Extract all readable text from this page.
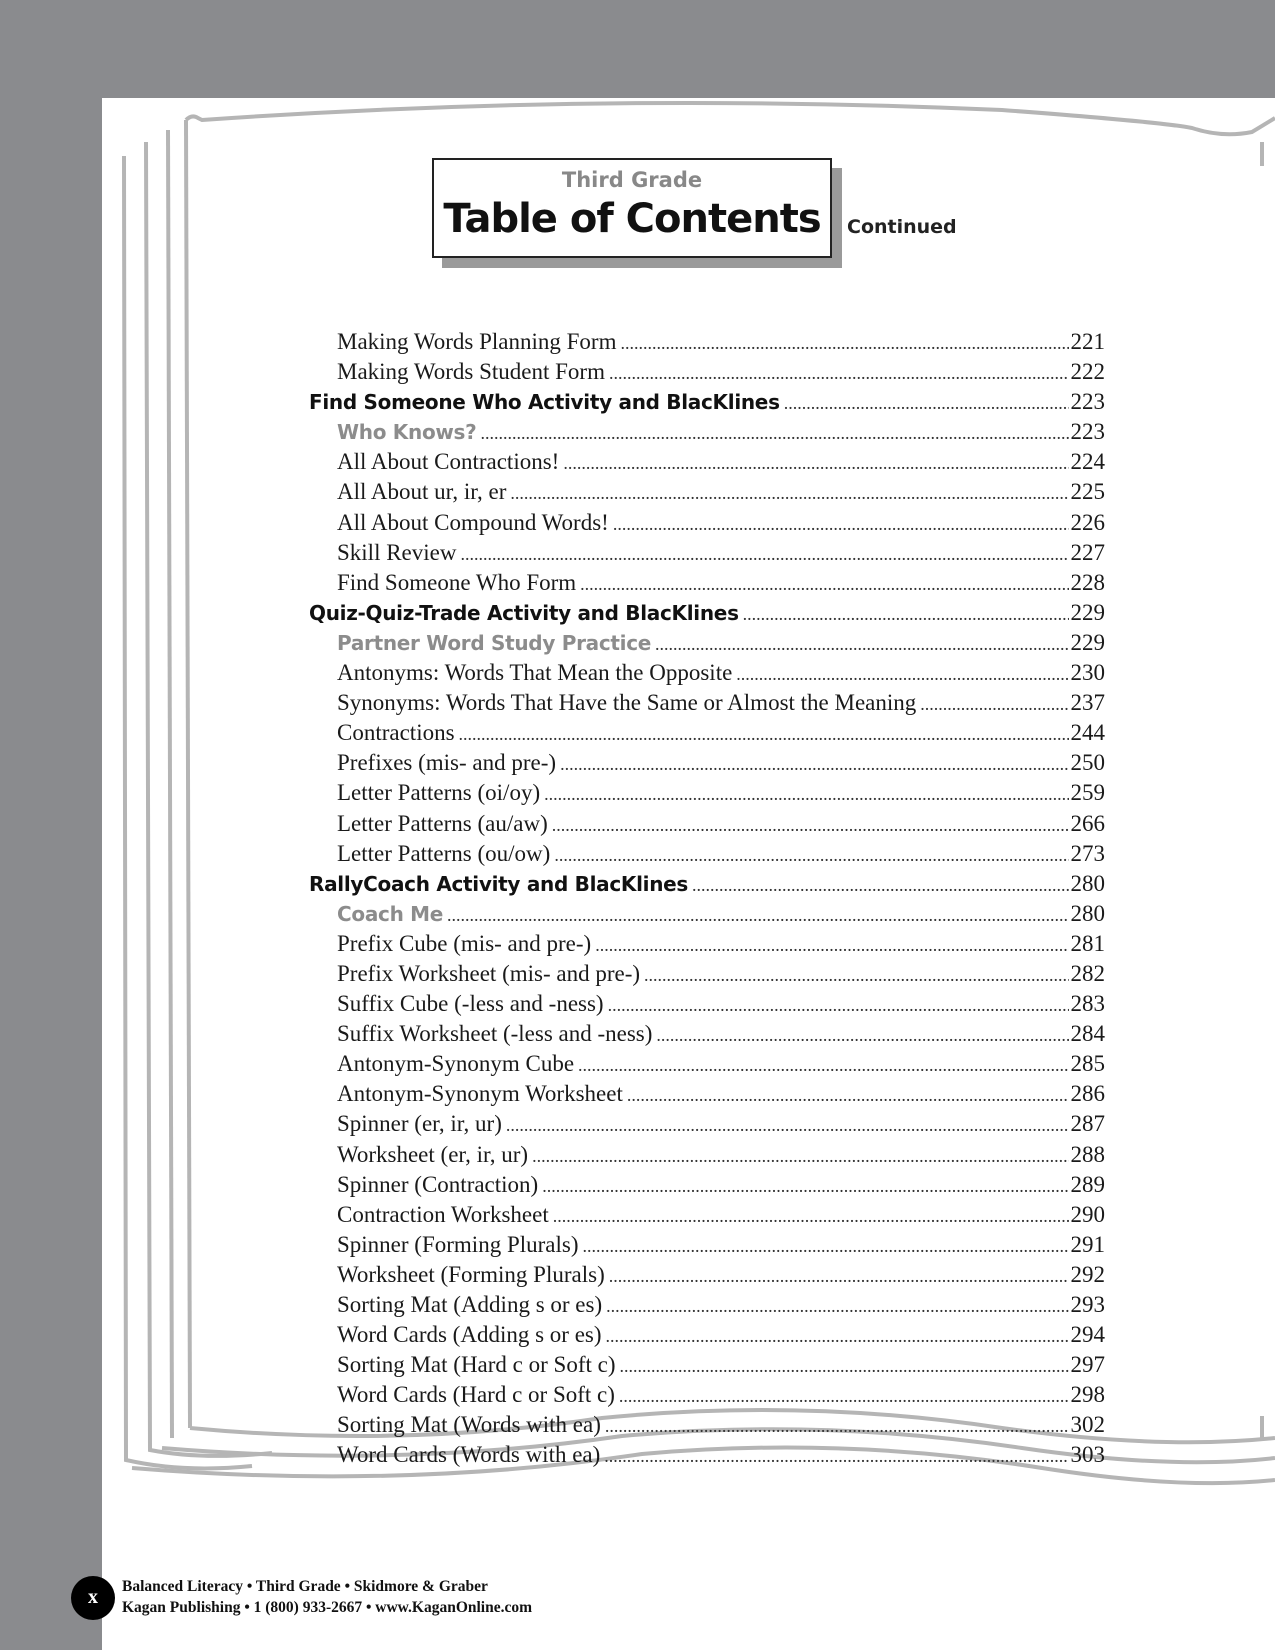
Third Grade
Table of Contents	Continued
Making Words Planning Form .....	221
Making Words Student Form .....	222
Find Someone Who Activity and BlacKlines .....	223
Who Knows? .....	223
All About Contractions! .....	224
All About ur, ir, er .....	225
All About Compound Words! .....	226
Skill Review .....	227
Find Someone Who Form .....	228
Quiz-Quiz-Trade Activity and BlacKlines .....	229
Partner Word Study Practice .....	229
Antonyms: Words That Mean the Opposite .....	230
Synonyms: Words That Have the Same or Almost the Meaning .....	237
Contractions .....	244
Prefixes (mis- and pre-) .....	250
Letter Patterns (oi/oy) .....	259
Letter Patterns (au/aw) .....	266
Letter Patterns (ou/ow) .....	273
RallyCoach Activity and BlacKlines .....	280
Coach Me .....	280
Prefix Cube (mis- and pre-) .....	281
Prefix Worksheet (mis- and pre-) .....	282
Suffix Cube (-less and -ness) .....	283
Suffix Worksheet (-less and -ness) .....	284
Antonym-Synonym Cube .....	285
Antonym-Synonym Worksheet .....	286
Spinner (er, ir, ur) .....	287
Worksheet (er, ir, ur) .....	288
Spinner (Contraction) .....	289
Contraction Worksheet .....	290
Spinner (Forming Plurals) .....	291
Worksheet (Forming Plurals) .....	292
Sorting Mat (Adding s or es) .....	293
Word Cards (Adding s or es) .....	294
Sorting Mat (Hard c or Soft c) .....	297
Word Cards (Hard c or Soft c) .....	298
Sorting Mat (Words with ea) .....	302
Word Cards (Words with ea) .....	303
x	Balanced Literacy • Third Grade • Skidmore & Graber
Kagan Publishing • 1 (800) 933-2667 • www.KaganOnline.com
